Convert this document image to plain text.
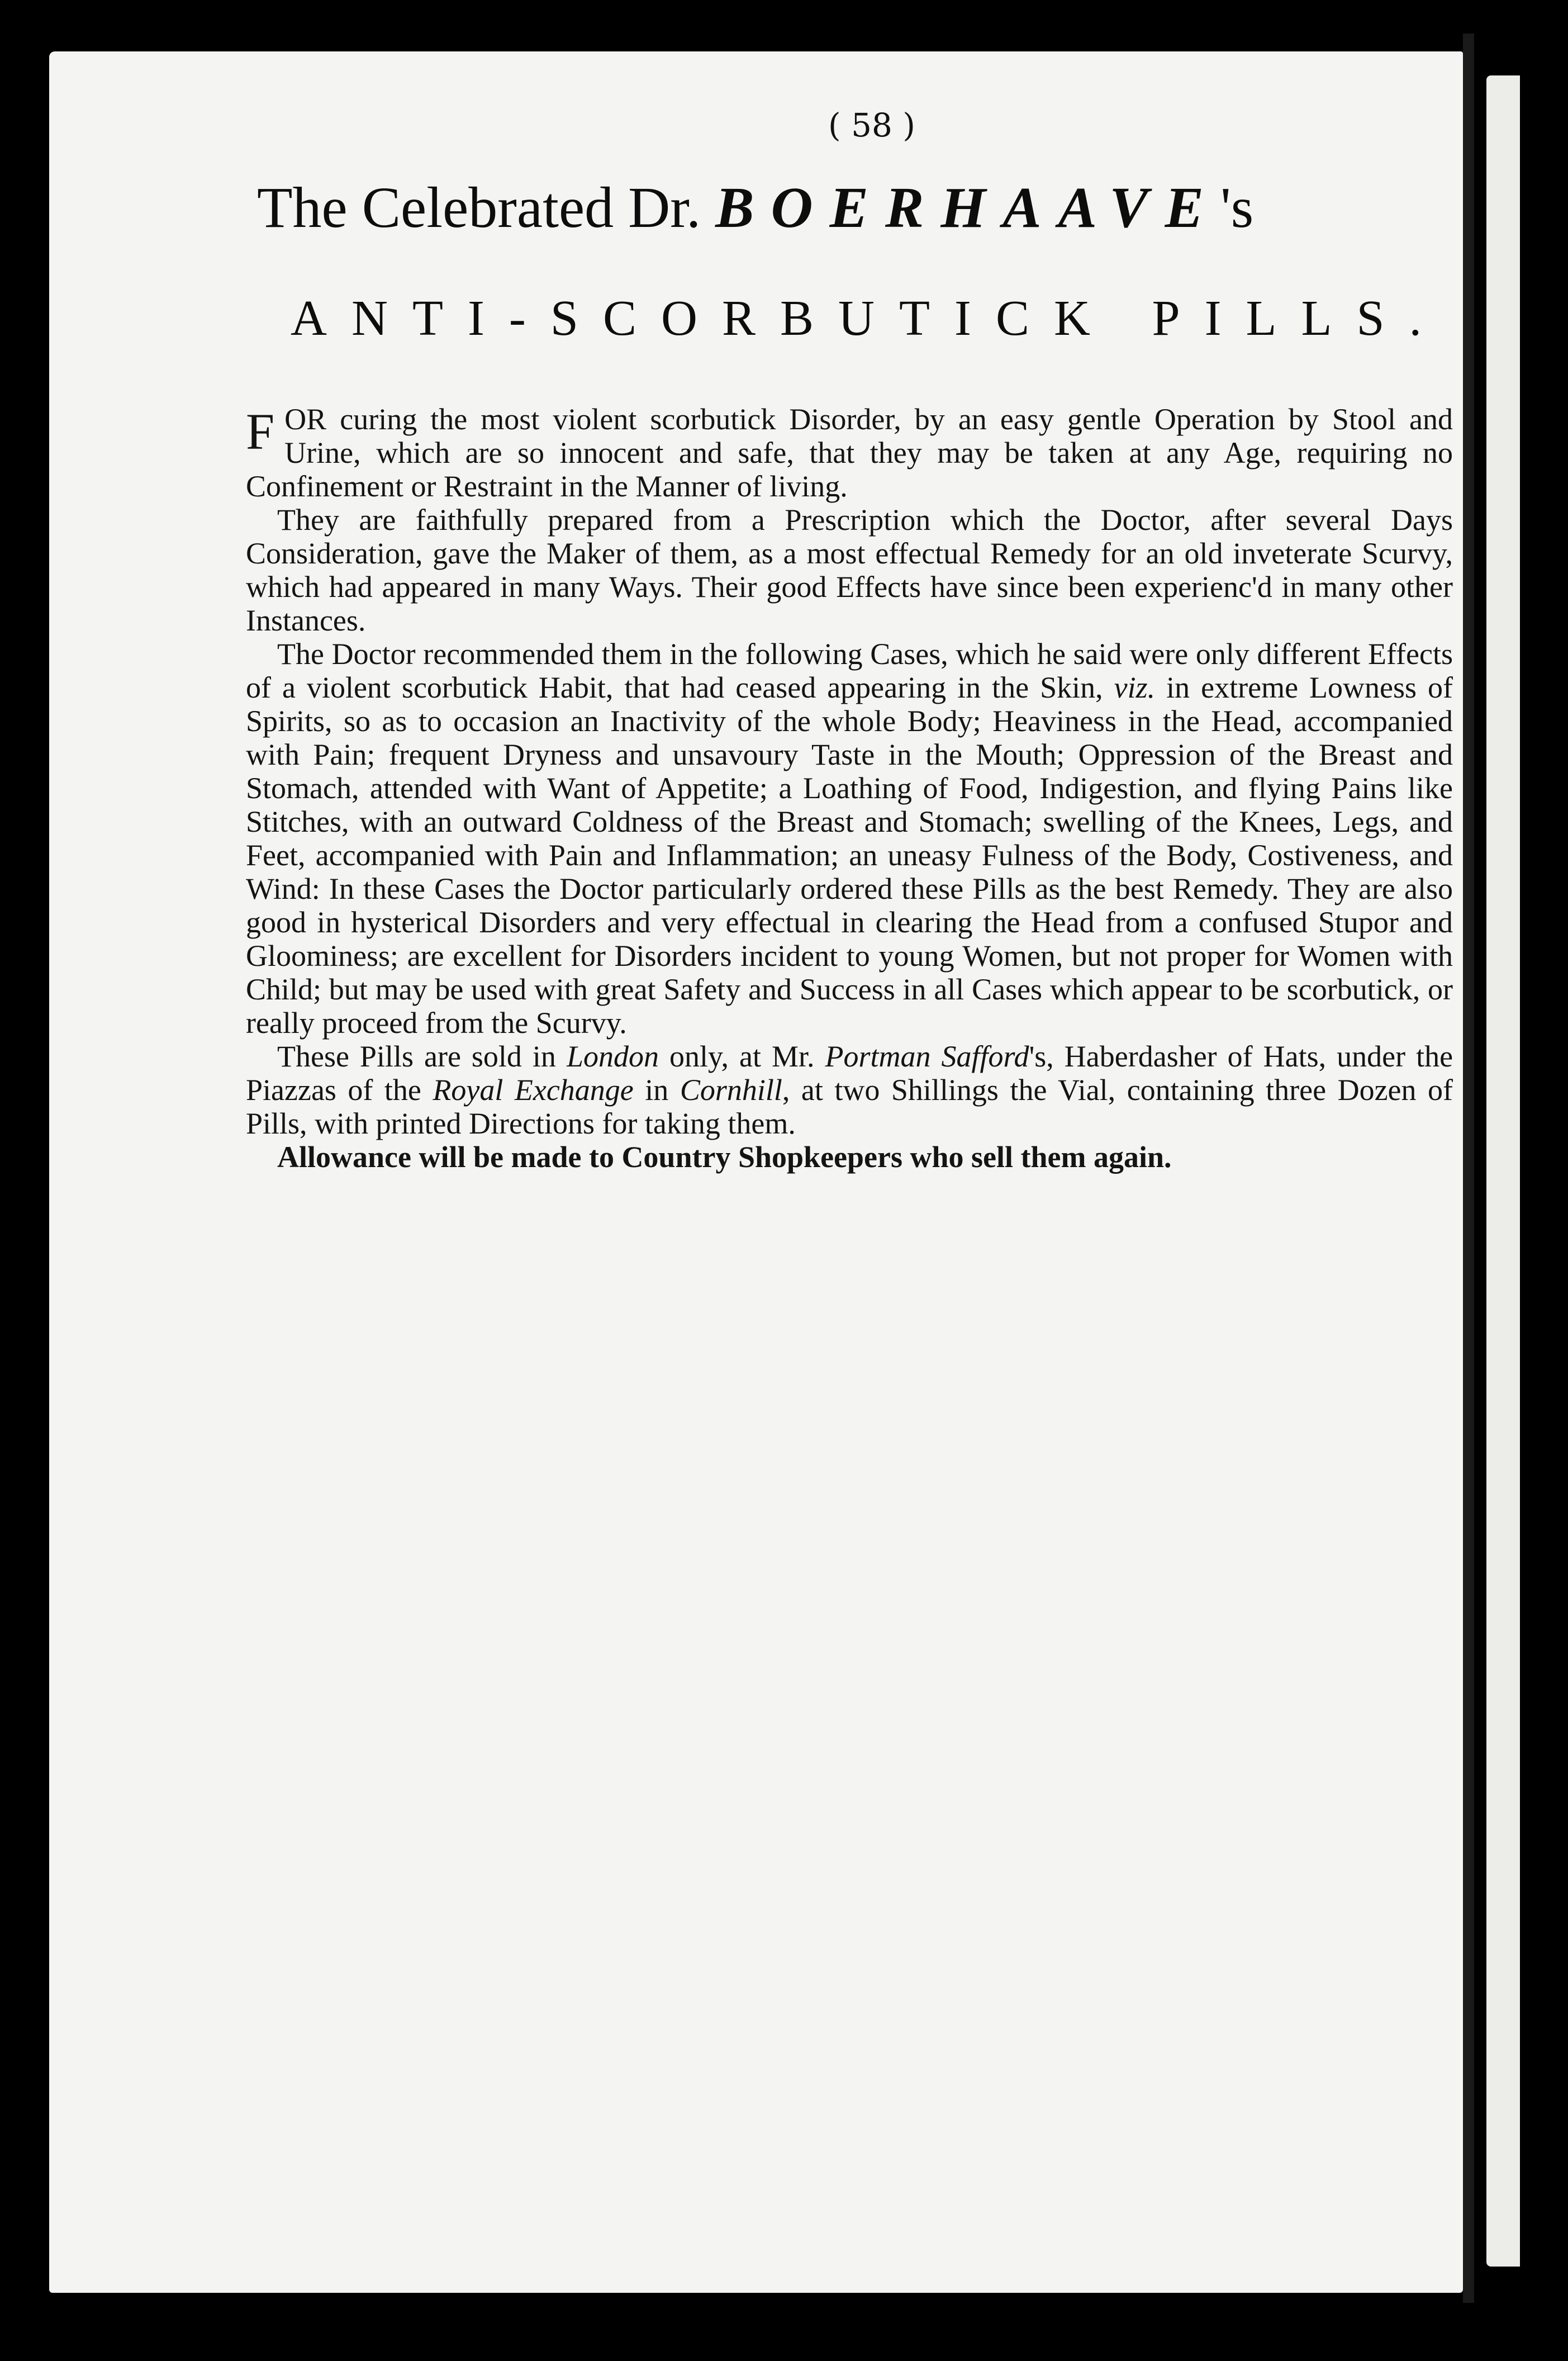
( 58 )
The Celebrated Dr. BOERHAAVE's
ANTI-SCORBUTICK PILLS.

FOR curing the most violent scorbutick Disorder, by an easy gentle Operation by Stool and Urine, which are so innocent and safe, that they may be taken at any Age, requiring no Confinement or Restraint in the Manner of living.

They are faithfully prepared from a Prescription which the Doctor, after several Days Consideration, gave the Maker of them, as a most effectual Remedy for an old inveterate Scurvy, which had appeared in many Ways. Their good Effects have since been experienc'd in many other Instances.

The Doctor recommended them in the following Cases, which he said were only different Effects of a violent scorbutick Habit, that had ceased appearing in the Skin, viz. in extreme Lowness of Spirits, so as to occasion an Inactivity of the whole Body; Heaviness in the Head, accompanied with Pain; frequent Dryness and unsavoury Taste in the Mouth; Oppression of the Breast and Stomach, attended with Want of Appetite; a Loathing of Food, Indigestion, and flying Pains like Stitches, with an outward Coldness of the Breast and Stomach; swelling of the Knees, Legs, and Feet, accompanied with Pain and Inflammation; an uneasy Fulness of the Body, Costiveness, and Wind: In these Cases the Doctor particularly ordered these Pills as the best Remedy. They are also good in hysterical Disorders and very effectual in clearing the Head from a confused Stupor and Gloominess; are excellent for Disorders incident to young Women, but not proper for Women with Child; but may be used with great Safety and Success in all Cases which appear to be scorbutick, or really proceed from the Scurvy.

These Pills are sold in London only, at Mr. Portman Safford's, Haberdasher of Hats, under the Piazzas of the Royal Exchange in Cornhill, at two Shillings the Vial, containing three Dozen of Pills, with printed Directions for taking them.

Allowance will be made to Country Shopkeepers who sell them again.
